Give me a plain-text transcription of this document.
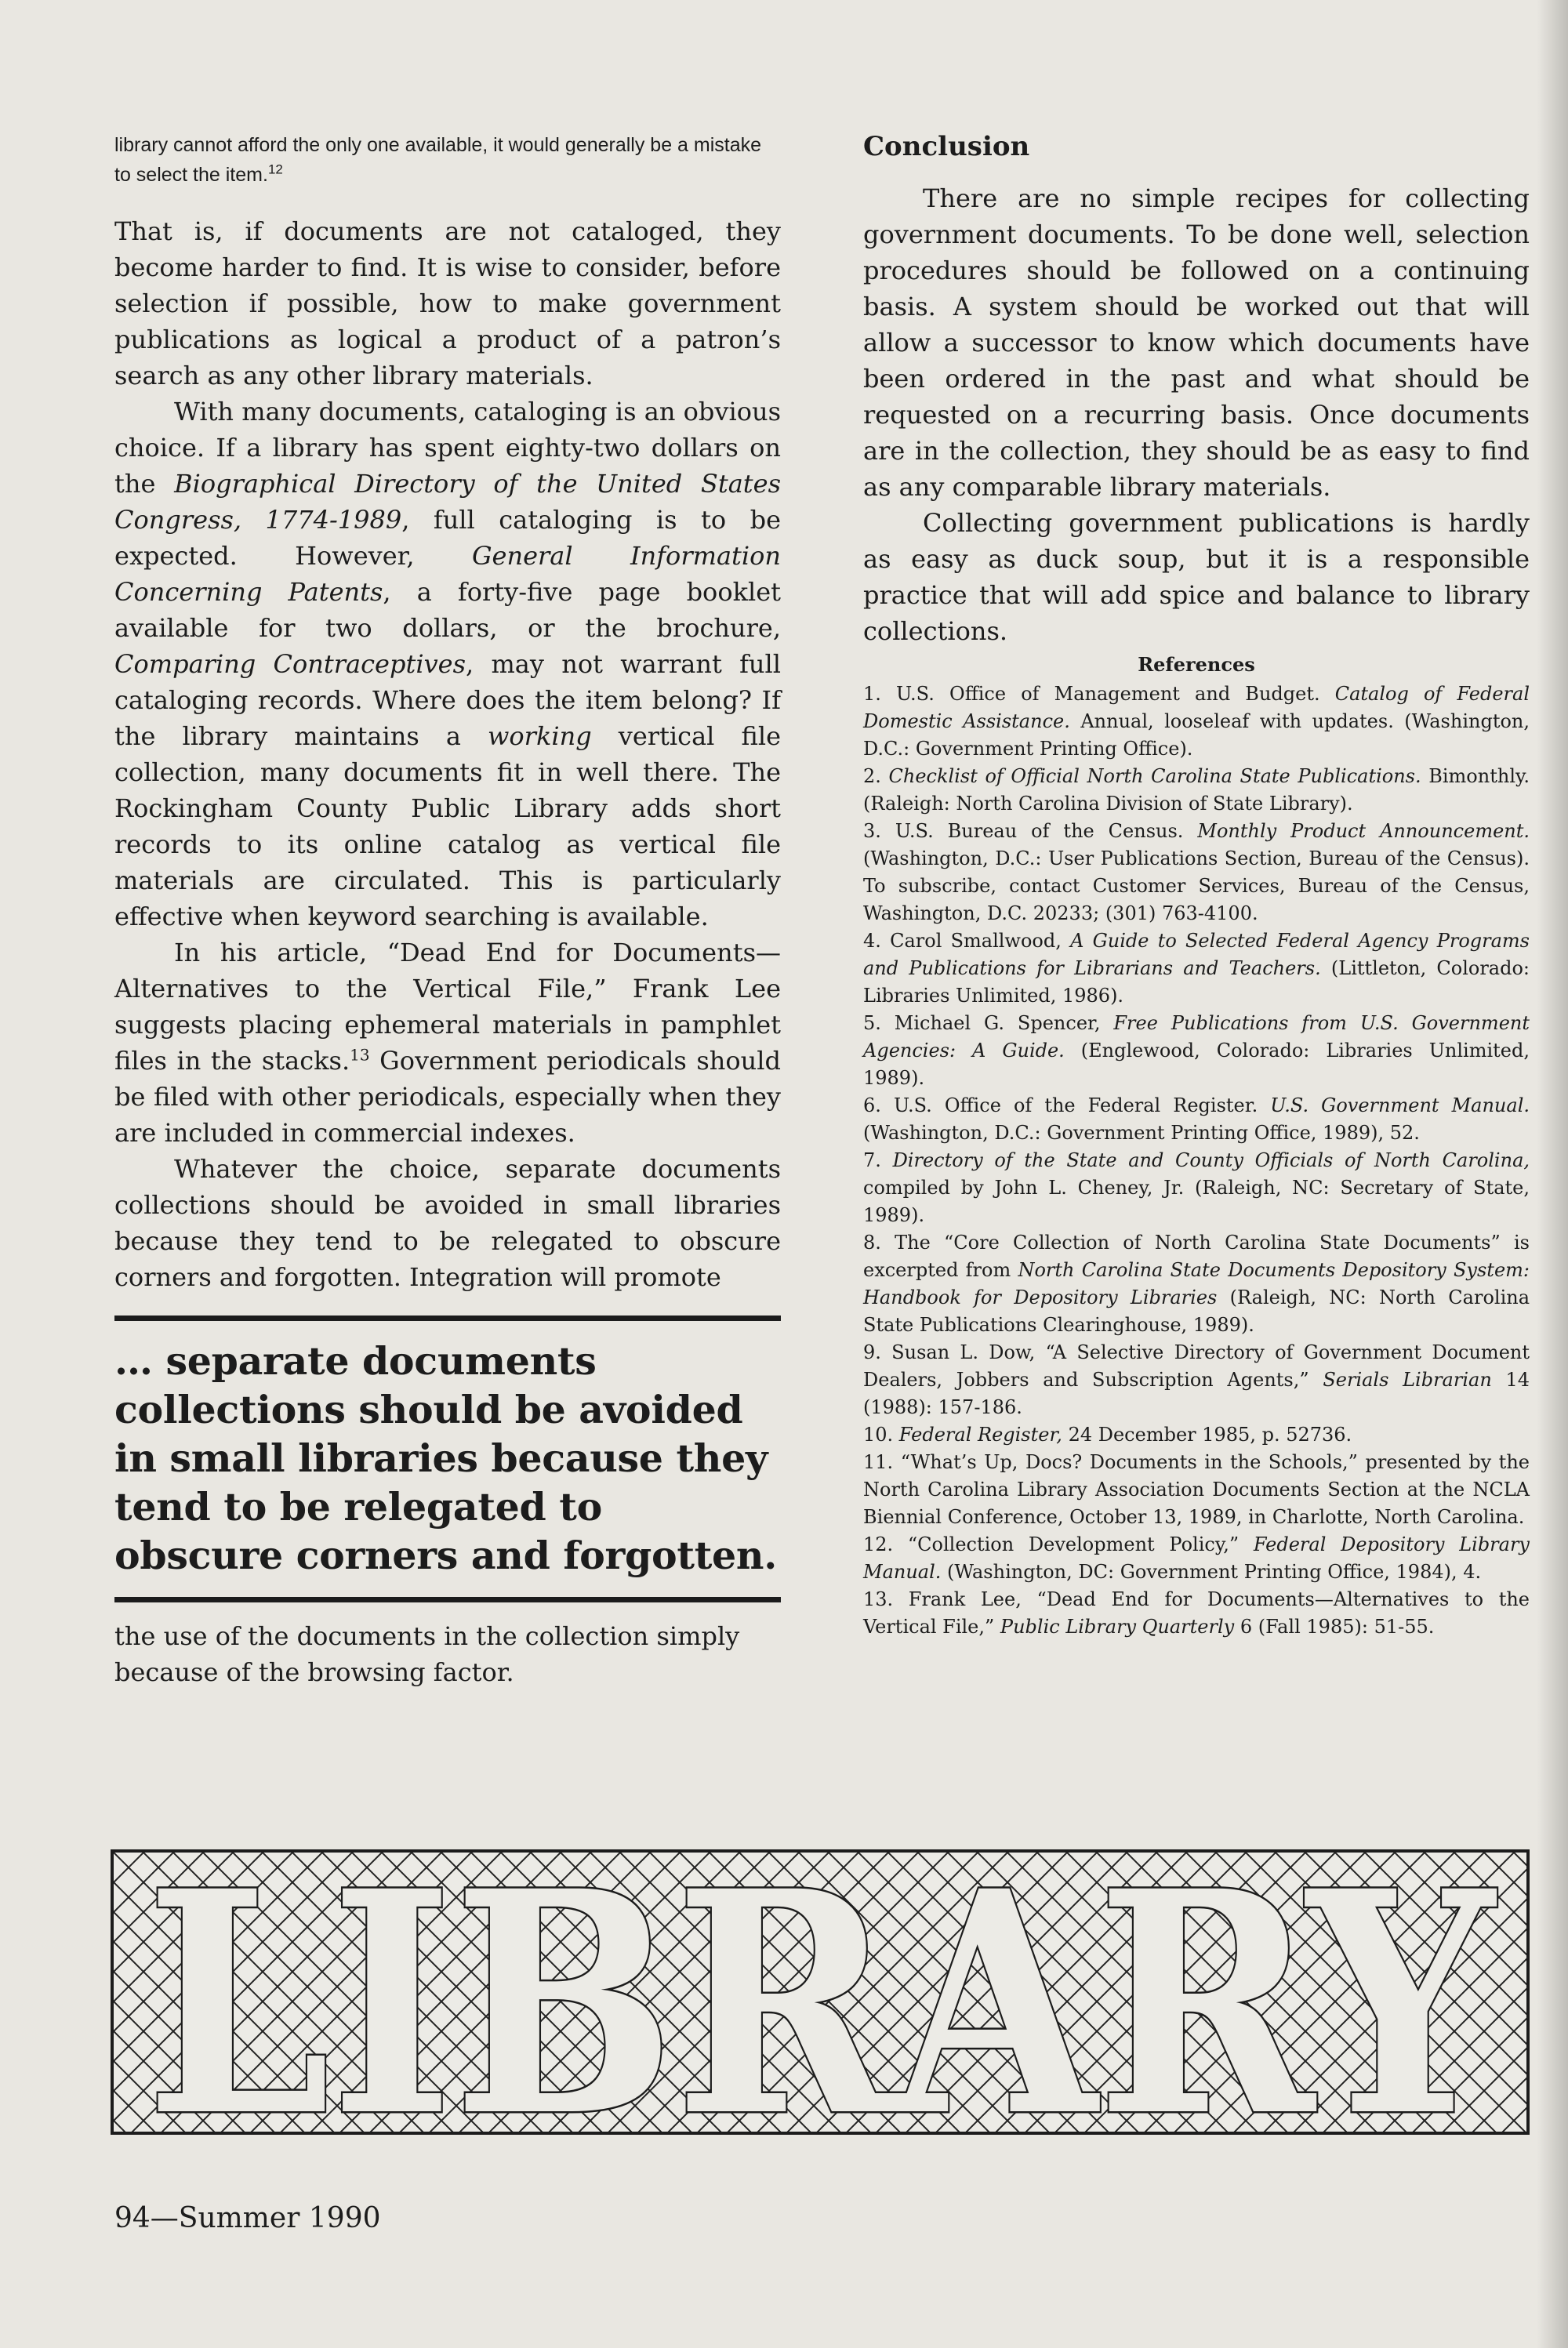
library cannot afford the only one available, it would generally be a mistake to select the item.$^{12}$

That is, if documents are not cataloged, they become harder to find. It is wise to consider, before selection if possible, how to make government publications as logical a product of a patron’s search as any other library materials.

With many documents, cataloging is an obvious choice. If a library has spent eighty-two dollars on the Biographical Directory of the United States Congress, 1774-1989, full cataloging is to be expected. However, General Information Concerning Patents, a forty-five page booklet available for two dollars, or the brochure, Comparing Contraceptives, may not warrant full cataloging records. Where does the item belong? If the library maintains a working vertical file collection, many documents fit in well there. The Rockingham County Public Library adds short records to its online catalog as vertical file materials are circulated. This is particularly effective when keyword searching is available.

In his article, “Dead End for Documents—Alternatives to the Vertical File,” Frank Lee suggests placing ephemeral materials in pamphlet files in the stacks.$^{13}$ Government periodicals should be filed with other periodicals, especially when they are included in commercial indexes.

Whatever the choice, separate documents collections should be avoided in small libraries because they tend to be relegated to obscure corners and forgotten. Integration will promote

… separate documents collections should be avoided in small libraries because they tend to be relegated to obscure corners and forgotten.

the use of the documents in the collection simply because of the browsing factor.

Conclusion

There are no simple recipes for collecting government documents. To be done well, selection procedures should be followed on a continuing basis. A system should be worked out that will allow a successor to know which documents have been ordered in the past and what should be requested on a recurring basis. Once documents are in the collection, they should be as easy to find as any comparable library materials.

Collecting government publications is hardly as easy as duck soup, but it is a responsible practice that will add spice and balance to library collections.

References

1. U.S. Office of Management and Budget. Catalog of Federal Domestic Assistance. Annual, looseleaf with updates. (Washington, D.C.: Government Printing Office).

2. Checklist of Official North Carolina State Publications. Bimonthly. (Raleigh: North Carolina Division of State Library).

3. U.S. Bureau of the Census. Monthly Product Announcement. (Washington, D.C.: User Publications Section, Bureau of the Census). To subscribe, contact Customer Services, Bureau of the Census, Washington, D.C. 20233; (301) 763-4100.

4. Carol Smallwood, A Guide to Selected Federal Agency Programs and Publications for Librarians and Teachers. (Littleton, Colorado: Libraries Unlimited, 1986).

5. Michael G. Spencer, Free Publications from U.S. Government Agencies: A Guide. (Englewood, Colorado: Libraries Unlimited, 1989).

6. U.S. Office of the Federal Register. U.S. Government Manual. (Washington, D.C.: Government Printing Office, 1989), 52.

7. Directory of the State and County Officials of North Carolina, compiled by John L. Cheney, Jr. (Raleigh, NC: Secretary of State, 1989).

8. The “Core Collection of North Carolina State Documents” is excerpted from North Carolina State Documents Depository System: Handbook for Depository Libraries (Raleigh, NC: North Carolina State Publications Clearinghouse, 1989).

9. Susan L. Dow, “A Selective Directory of Government Document Dealers, Jobbers and Subscription Agents,” Serials Librarian 14 (1988): 157-186.

10. Federal Register, 24 December 1985, p. 52736.

11. “What’s Up, Docs? Documents in the Schools,” presented by the North Carolina Library Association Documents Section at the NCLA Biennial Conference, October 13, 1989, in Charlotte, North Carolina.

12. “Collection Development Policy,” Federal Depository Library Manual. (Washington, DC: Government Printing Office, 1984), 4.

13. Frank Lee, “Dead End for Documents—Alternatives to the Vertical File,” Public Library Quarterly 6 (Fall 1985): 51-55.

LIBRARY

94—Summer 1990
